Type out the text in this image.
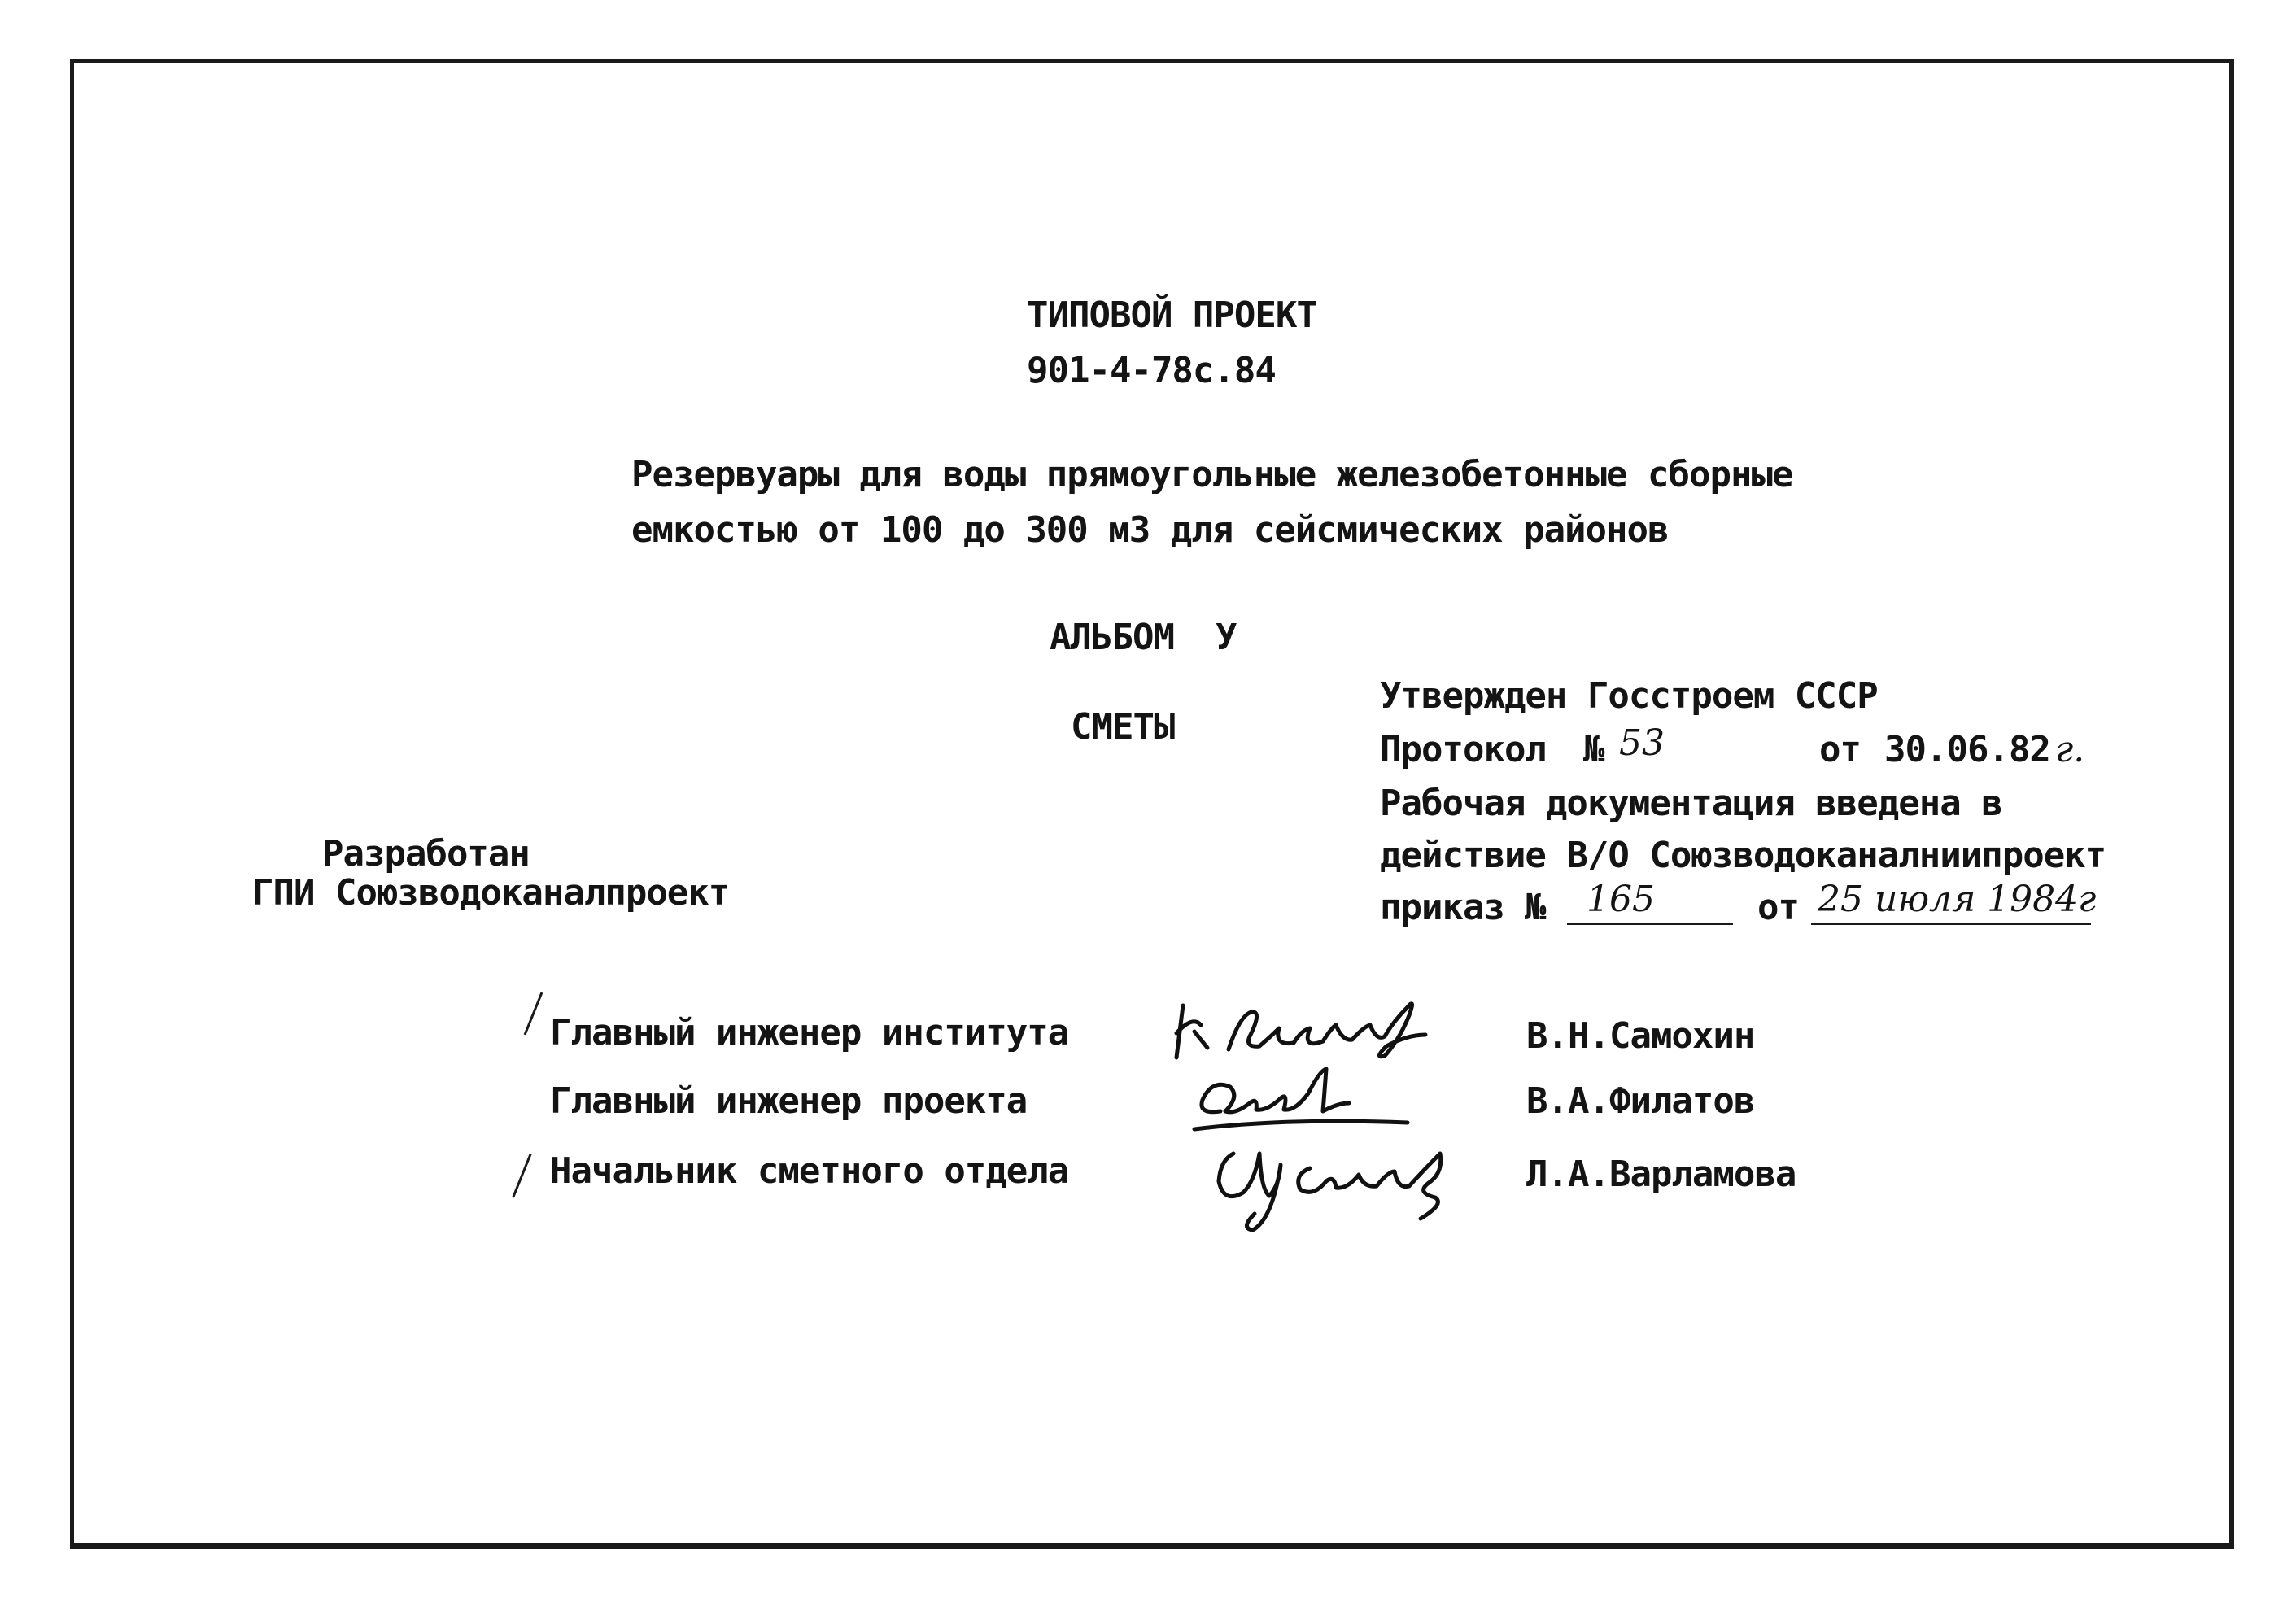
ТИПОВОЙ ПРОЕКТ
901-4-78с.84
Резервуары для воды прямоугольные железобетонные сборные
емкостью от 100 до 300 м3 для сейсмических районов
АЛЬБОМ У
СМЕТЫ
Утвержден Госстроем СССР
Протокол № 53	от 30.06.82 г.
Рабочая документация введена в
действие В/О Союзводоканалниипроект
приказ № 165	от 25 июля 1984г
Разработан
ГПИ Союзводоканалпроект
Главный инженер института	В.Н.Самохин
Главный инженер проекта	В.А.Филатов
Начальник сметного отдела	Л.А.Варламова
